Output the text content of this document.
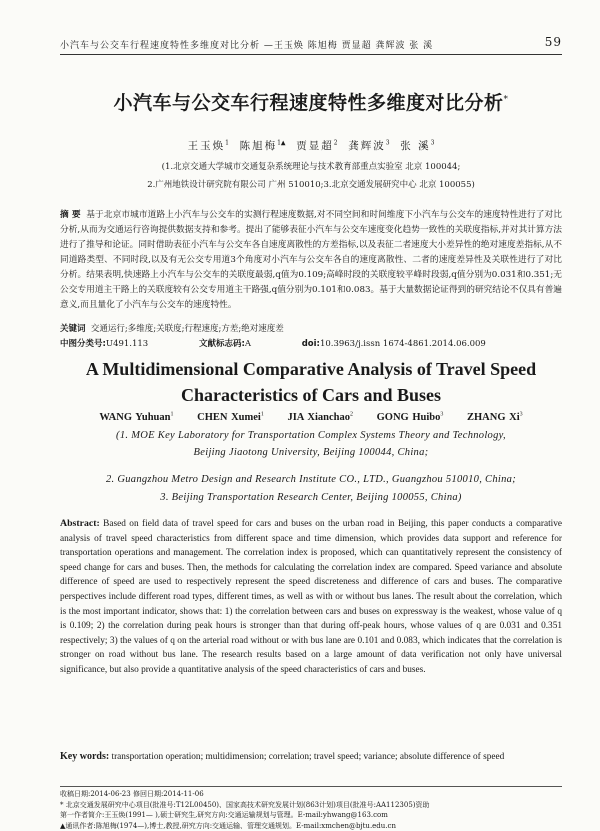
小汽车与公交车行程速度特性多维度对比分析 —王玉焕 陈旭梅 贾显超 龚辉波 张 溪	59
小汽车与公交车行程速度特性多维度对比分析*
王玉焕$^1$ 陈旭梅$^{1▲}$ 贾显超$^2$ 龚辉波$^3$ 张 溪$^3$
(1.北京交通大学城市交通复杂系统理论与技术教育部重点实验室 北京 100044;
2.广州地铁设计研究院有限公司 广州 510010;3.北京交通发展研究中心 北京 100055)
摘 要 基于北京市城市道路上小汽车与公交车的实测行程速度数据,对不同空间和时间维度下小汽车与公交车的速度特性进行了对比分析,从而为交通运行咨询提供数据支持和参考。提出了能够表征小汽车与公交车速度变化趋势一致性的关联度指标,并对其计算方法进行了推导和论证。同时借助表征小汽车与公交车各自速度离散性的方差指标,以及表征二者速度大小差异性的绝对速度差指标,从不同道路类型、不同时段,以及有无公交专用道3个角度对小汽车与公交车各自的速度离散性、二者的速度差异性及关联性进行了对比分析。结果表明,快速路上小汽车与公交车的关联度最弱,q值为0.109;高峰时段的关联度较平峰时段弱,q值分别为0.031和0.351;无公交专用道主干路上的关联度较有公交专用道主干路强,q值分别为0.101和0.083。基于大量数据论证得到的研究结论不仅具有普遍意义,而且量化了小汽车与公交车的速度特性。
关键词 交通运行;多维度;关联度;行程速度;方差;绝对速度差
中图分类号:U491.113	文献标志码:A	doi:10.3963/j.issn 1674-4861.2014.06.009
A Multidimensional Comparative Analysis of Travel Speed
Characteristics of Cars and Buses
WANG Yuhuan$^1$ CHEN Xumei$^1$ JIA Xianchao$^2$ GONG Huibo$^3$ ZHANG Xi$^3$
(1. MOE Key Laboratory for Transportation Complex Systems Theory and Technology,
Beijing Jiaotong University, Beijing 100044, China;
2. Guangzhou Metro Design and Research Institute CO., LTD., Guangzhou 510010, China;
3. Beijing Transportation Research Center, Beijing 100055, China)
Abstract: Based on field data of travel speed for cars and buses on the urban road in Beijing, this paper conducts a comparative analysis of travel speed characteristics from different space and time dimension, which provides data support and reference for transportation operations and management. The correlation index is proposed, which can quantitatively represent the consistency of speed change for cars and buses. Then, the methods for calculating the correlation index are compared. Speed variance and absolute difference of speed are used to respectively represent the speed discreteness and difference of cars and buses. The comparative perspectives include different road types, different times, as well as with or without bus lanes. The result about the correlation, which is the most important indicator, shows that: 1) the correlation between cars and buses on expressway is the weakest, whose value of q is 0.109; 2) the correlation during peak hours is stronger than that during off-peak hours, whose values of q are 0.031 and 0.351 respectively; 3) the values of q on the arterial road without or with bus lane are 0.101 and 0.083, which indicates that the correlation is stronger on road without bus lane. The research results based on a large amount of data verification not only have universal significance, but also provide a quantitative analysis of the speed characteristics of cars and buses.
Key words: transportation operation; multidimension; correlation; travel speed; variance; absolute difference of speed
收稿日期:2014-06-23 修回日期:2014-11-06
* 北京交通发展研究中心项目(批准号:T12L00450)、国家高技术研究发展计划(863计划)项目(批准号:AA112305)资助
第一作者简介:王玉焕(1991— ),硕士研究生,研究方向:交通运输规划与管理。E-mail:yhwang@163.com
▲通讯作者:陈旭梅(1974—),博士,教授,研究方向:交通运输、管理交通规划。E-mail:xmchen@bjtu.edu.cn
